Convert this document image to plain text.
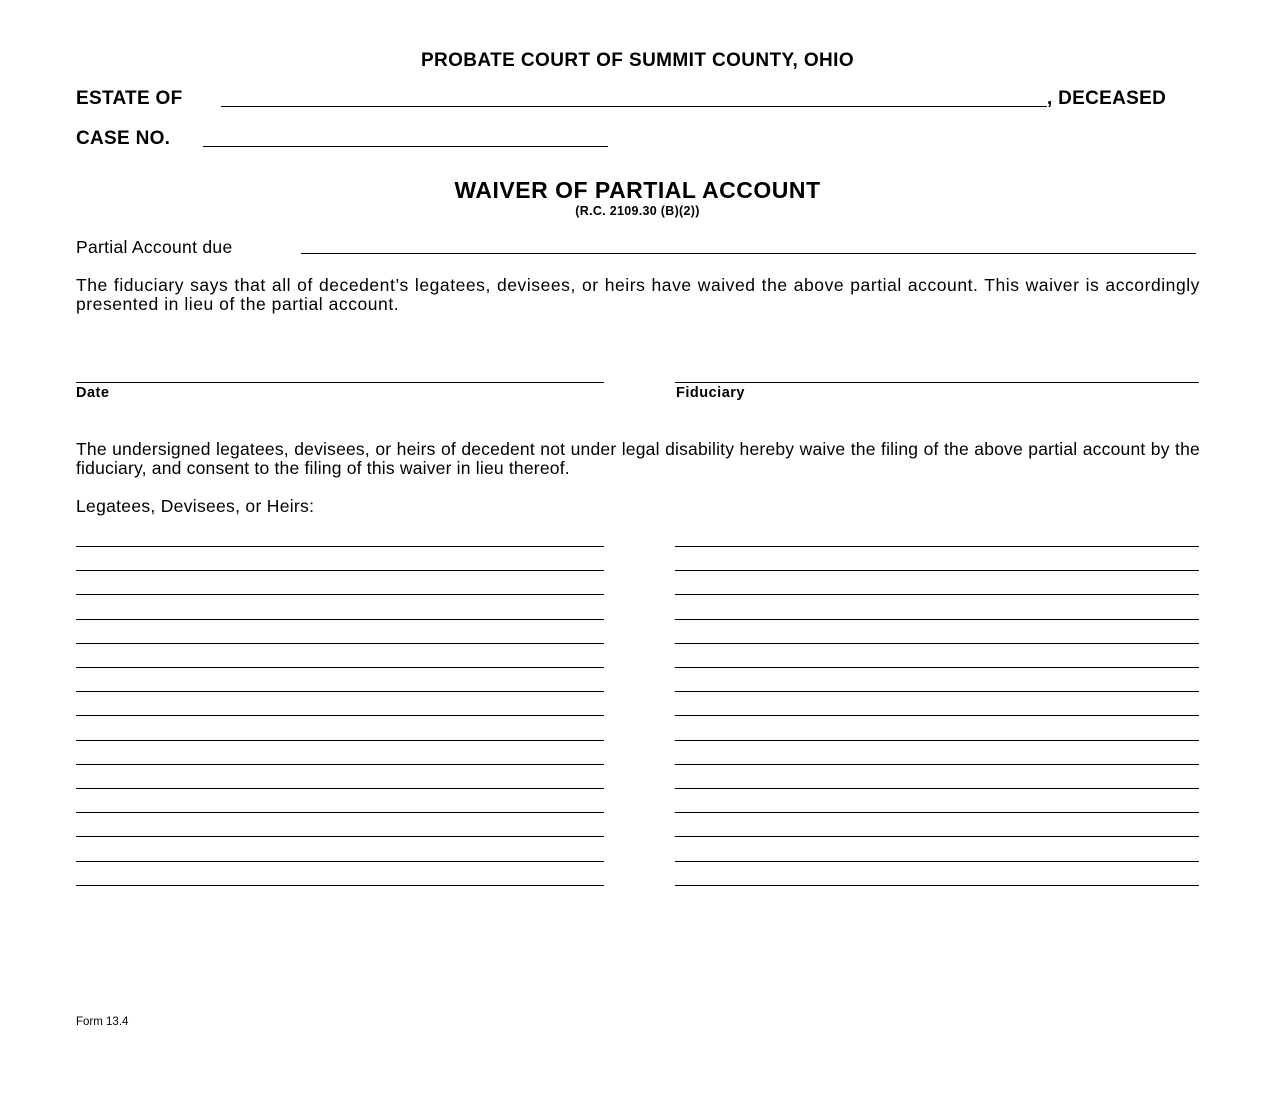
PROBATE COURT OF SUMMIT COUNTY, OHIO
ESTATE OF	, DECEASED
CASE NO.
WAIVER OF PARTIAL ACCOUNT
(R.C. 2109.30 (B)(2))
Partial Account due
The fiduciary says that all of decedent’s legatees, devisees, or heirs have waived the above partial account. This waiver is accordingly presented in lieu of the partial account.
Date	Fiduciary
The undersigned legatees, devisees, or heirs of decedent not under legal disability hereby waive the filing of the above partial account by the fiduciary, and consent to the filing of this waiver in lieu thereof.
Legatees, Devisees, or Heirs:
Form 13.4
